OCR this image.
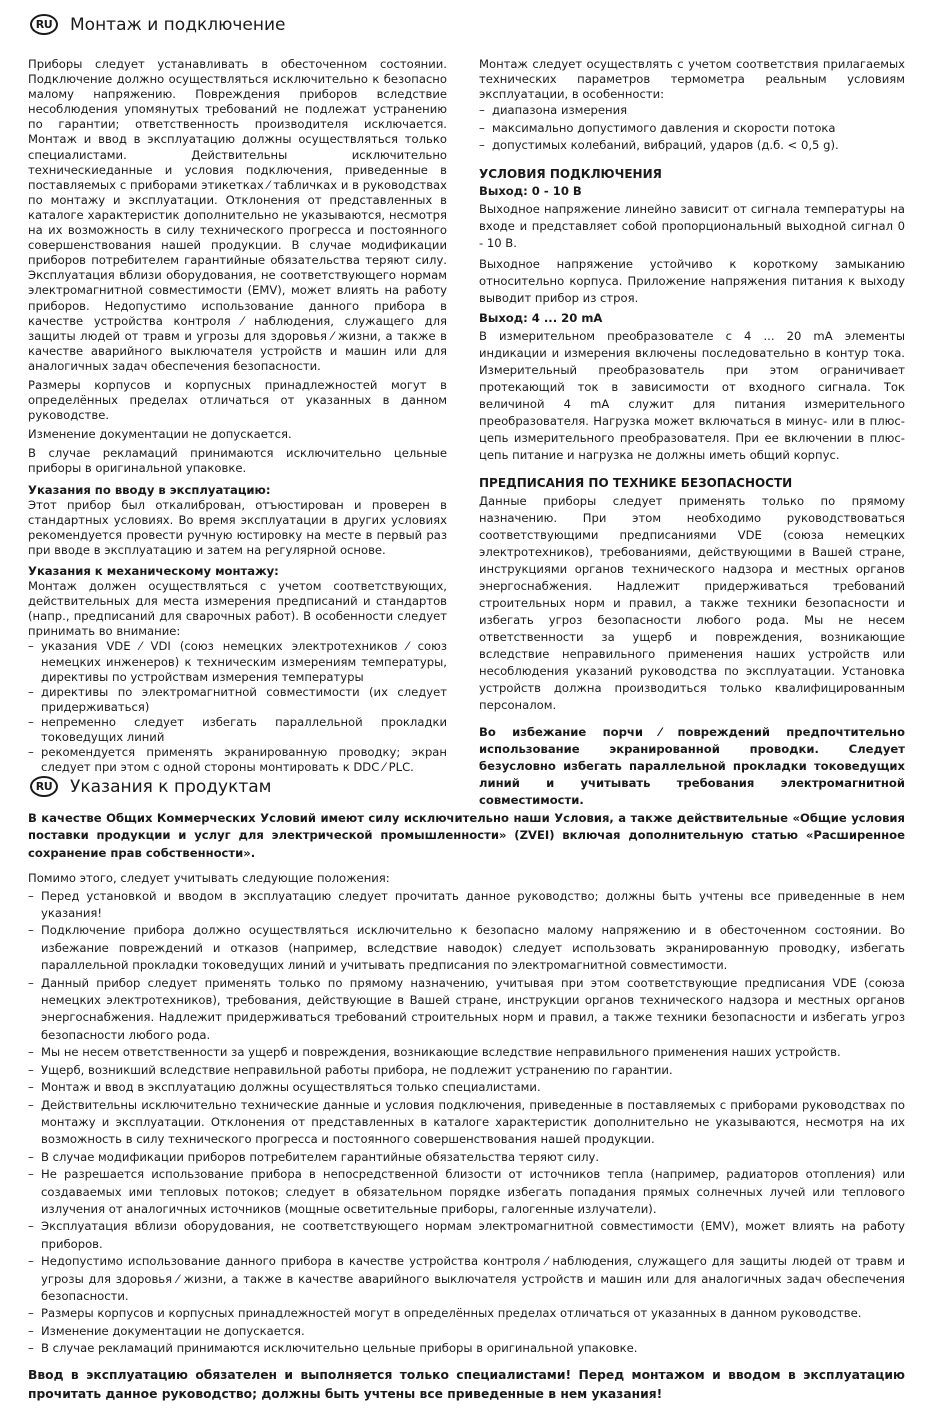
RU	Монтаж и подключение

Приборы следует устанавливать в обесточенном состоянии. Подключение должно осуществляться исключительно к безопасно малому напряжению. Повреждения приборов вследствие несоблюдения упомянутых требований не подлежат устранению по гарантии; ответственность производителя исключается. Монтаж и ввод в эксплуатацию должны осуществляться только специалистами. Действительны исключительно техническиеданные и условия подключения, приведенные в поставляемых с приборами этикетках ⁄ табличках и в руководствах по монтажу и эксплуатации. Отклонения от представленных в каталоге характеристик дополнительно не указываются, несмотря на их возможность в силу технического прогресса и постоянного совершенствования нашей продукции. В случае модификации приборов потребителем гарантийные обязательства теряют силу. Эксплуатация вблизи оборудования, не соответствующего нормам электромагнитной совместимости (EMV), может влиять на работу приборов. Недопустимо использование данного прибора в качестве устройства контроля ⁄ наблюдения, служащего для защиты людей от травм и угрозы для здоровья ⁄ жизни, а также в качестве аварийного выключателя устройств и машин или для аналогичных задач обеспечения безопасности.

Размеры корпусов и корпусных принадлежностей могут в определённых пределах отличаться от указанных в данном руководстве.

Изменение документации не допускается.

В случае рекламаций принимаются исключительно цельные приборы в оригинальной упаковке.

Указания по вводу в эксплуатацию:

Этот прибор был откалиброван, отъюстирован и проверен в стандартных условиях. Во время эксплуатации в других условиях рекомендуется провести ручную юстировку на месте в первый раз при вводе в эксплуатацию и затем на регулярной основе.

Указания к механическому монтажу:

Монтаж должен осуществляться с учетом соответствующих, действительных для места измерения предписаний и стандартов (напр., предписаний для сварочных работ). В особенности следует принимать во внимание:

– указания VDE ⁄ VDI (союз немецких электротехников ⁄ союз немецких инженеров) к техническим измерениям температуры, директивы по устройствам измерения температуры
– директивы по электромагнитной совместимости (их следует придерживаться)
– непременно следует избегать параллельной прокладки токоведущих линий
– рекомендуется применять экранированную проводку; экран следует при этом с одной стороны монтировать к DDC ⁄ PLC.

Монтаж следует осуществлять с учетом соответствия прилагаемых технических параметров термометра реальным условиям эксплуатации, в особенности:

– диапазона измерения
– максимально допустимого давления и скорости потока
– допустимых колебаний, вибраций, ударов (д.б. < 0,5 g).
УСЛОВИЯ ПОДКЛЮЧЕНИЯ
Выход: 0 - 10 В

Выходное напряжение линейно зависит от сигнала температуры на входе и представляет собой пропорциональный выходной сигнал 0 - 10 В.

Выходное напряжение устойчиво к короткому замыканию относительно корпуса. Приложение напряжения питания к выходу выводит прибор из строя.

Выход: 4 ... 20 mA

В измерительном преобразователе с 4 ... 20 mA элементы индикации и измерения включены последовательно в контур тока. Измерительный преобразователь при этом ограничивает протекающий ток в зависимости от входного сигнала. Ток величиной 4 mA служит для питания измерительного преобразователя. Нагрузка может включаться в минус- или в плюс-цепь измерительного преобразователя. При ее включении в плюс-цепь питание и нагрузка не должны иметь общий корпус.

ПРЕДПИСАНИЯ ПО ТЕХНИКЕ БЕЗОПАСНОСТИ

Данные приборы следует применять только по прямому назначению. При этом необходимо руководствоваться соответствующими предписаниями VDE (союза немецких электротехников), требованиями, действующими в Вашей стране, инструкциями органов технического надзора и местных органов энергоснабжения. Надлежит придерживаться требований строительных норм и правил, а также техники безопасности и избегать угроз безопасности любого рода. Мы не несем ответственности за ущерб и повреждения, возникающие вследствие неправильного применения наших устройств или несоблюдения указаний руководства по эксплуатации. Установка устройств должна производиться только квалифицированным персоналом.

Во избежание порчи ⁄ повреждений предпочтительно использование экранированной проводки. Следует безусловно избегать параллельной прокладки токоведущих линий и учитывать требования электромагнитной совместимости.

RU	Указания к продуктам

В качестве Общих Коммерческих Условий имеют силу исключительно наши Условия, а также действительные «Общие условия поставки продукции и услуг для электрической промышленности» (ZVEI) включая дополнительную статью «Расширенное сохранение прав собственности».

Помимо этого, следует учитывать следующие положения:

– Перед установкой и вводом в эксплуатацию следует прочитать данное руководство; должны быть учтены все приведенные в нем указания!
– Подключение прибора должно осуществляться исключительно к безопасно малому напряжению и в обесточенном состоянии. Во избежание повреждений и отказов (например, вследствие наводок) следует использовать экранированную проводку, избегать параллельной прокладки токоведущих линий и учитывать предписания по электромагнитной совместимости.
– Данный прибор следует применять только по прямому назначению, учитывая при этом соответствующие предписания VDE (союза немецких электротехников), требования, действующие в Вашей стране, инструкции органов технического надзора и местных органов энергоснабжения. Надлежит придерживаться требований строительных норм и правил, а также техники безопасности и избегать угроз безопасности любого рода.
– Мы не несем ответственности за ущерб и повреждения, возникающие вследствие неправильного применения наших устройств.
– Ущерб, возникший вследствие неправильной работы прибора, не подлежит устранению по гарантии.
– Монтаж и ввод в эксплуатацию должны осуществляться только специалистами.
– Действительны исключительно технические данные и условия подключения, приведенные в поставляемых с приборами руководствах по монтажу и эксплуатации. Отклонения от представленных в каталоге характеристик дополнительно не указываются, несмотря на их возможность в силу технического прогресса и постоянного совершенствования нашей продукции.
– В случае модификации приборов потребителем гарантийные обязательства теряют силу.
– Не разрешается использование прибора в непосредственной близости от источников тепла (например, радиаторов отопления) или создаваемых ими тепловых потоков; следует в обязательном порядке избегать попадания прямых солнечных лучей или теплового излучения от аналогичных источников (мощные осветительные приборы, галогенные излучатели).
– Эксплуатация вблизи оборудования, не соответствующего нормам электромагнитной совместимости (EMV), может влиять на работу приборов.
– Недопустимо использование данного прибора в качестве устройства контроля ⁄ наблюдения, служащего для защиты людей от травм и угрозы для здоровья ⁄ жизни, а также в качестве аварийного выключателя устройств и машин или для аналогичных задач обеспечения безопасности.
– Размеры корпусов и корпусных принадлежностей могут в определённых пределах отличаться от указанных в данном руководстве.
– Изменение документации не допускается.
– В случае рекламаций принимаются исключительно цельные приборы в оригинальной упаковке.

Ввод в эксплуатацию обязателен и выполняется только специалистами! Перед монтажом и вводом в эксплуатацию прочитать данное руководство; должны быть учтены все приведенные в нем указания!
